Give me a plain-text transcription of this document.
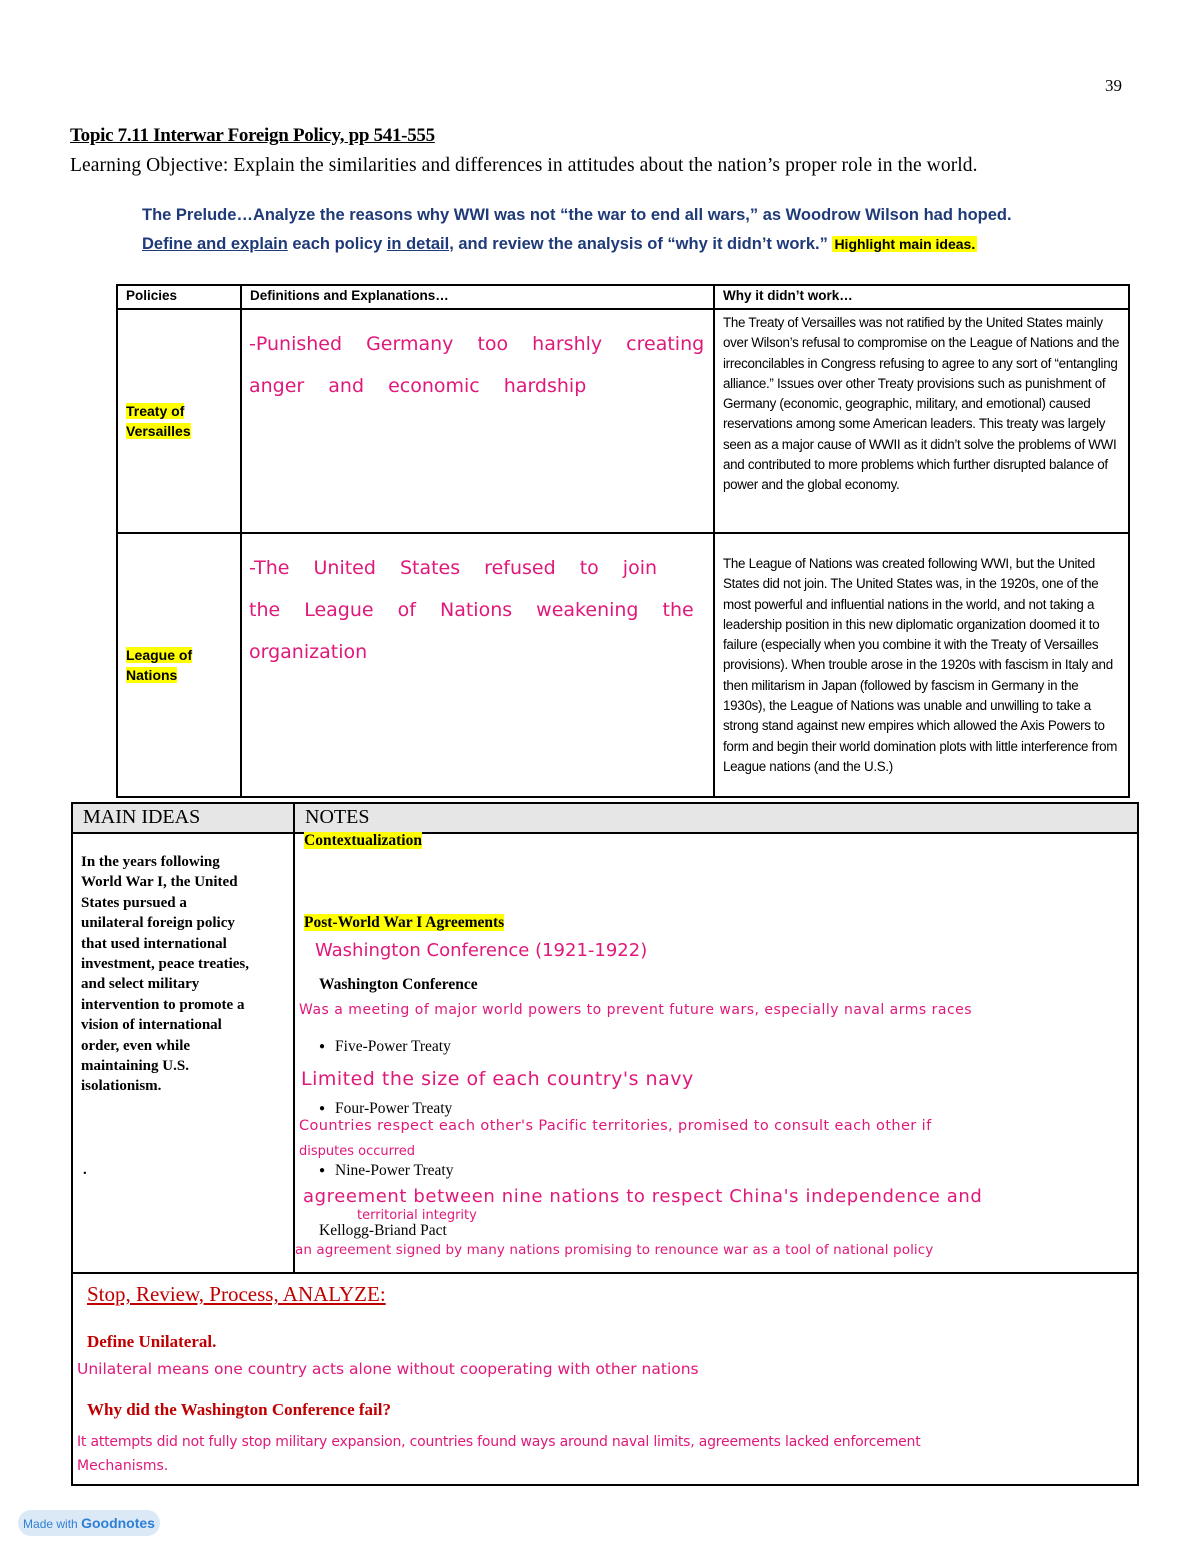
39
Topic 7.11 Interwar Foreign Policy, pp 541-555
Learning Objective: Explain the similarities and differences in attitudes about the nation’s proper role in the world.
The Prelude…Analyze the reasons why WWI was not “the war to end all wars,” as Woodrow Wilson had hoped.
Define and explain each policy in detail, and review the analysis of “why it didn’t work.” Highlight main ideas.
Policies	Definitions and Explanations…	Why it didn’t work…
Treaty of Versailles	-Punished Germany too harshly creating anger and economic hardship	The Treaty of Versailles was not ratified by the United States mainly over Wilson’s refusal to compromise on the League of Nations and the irreconcilables in Congress refusing to agree to any sort of “entangling alliance.” Issues over other Treaty provisions such as punishment of Germany (economic, geographic, military, and emotional) caused reservations among some American leaders. This treaty was largely seen as a major cause of WWII as it didn’t solve the problems of WWI and contributed to more problems which further disrupted balance of power and the global economy.
League of Nations	-The United States refused to join the League of Nations weakening the organization	The League of Nations was created following WWI, but the United States did not join. The United States was, in the 1920s, one of the most powerful and influential nations in the world, and not taking a leadership position in this new diplomatic organization doomed it to failure (especially when you combine it with the Treaty of Versailles provisions). When trouble arose in the 1920s with fascism in Italy and then militarism in Japan (followed by fascism in Germany in the 1930s), the League of Nations was unable and unwilling to take a strong stand against new empires which allowed the Axis Powers to form and begin their world domination plots with little interference from League nations (and the U.S.)
MAIN IDEAS	NOTES
In the years following World War I, the United States pursued a unilateral foreign policy that used international investment, peace treaties, and select military intervention to promote a vision of international order, even while maintaining U.S. isolationism.
.
Contextualization
Post-World War I Agreements
Washington Conference (1921-1922)
Washington Conference
Was a meeting of major world powers to prevent future wars, especially naval arms races
● Five-Power Treaty
Limited the size of each country's navy
● Four-Power Treaty
Countries respect each other's Pacific territories, promised to consult each other if
disputes occurred
● Nine-Power Treaty
agreement between nine nations to respect China's independence and
territorial integrity
Kellogg-Briand Pact
an agreement signed by many nations promising to renounce war as a tool of national policy
Stop, Review, Process, ANALYZE:
Define Unilateral.
Unilateral means one country acts alone without cooperating with other nations
Why did the Washington Conference fail?
It attempts did not fully stop military expansion, countries found ways around naval limits, agreements lacked enforcement
Mechanisms.
Made with Goodnotes
